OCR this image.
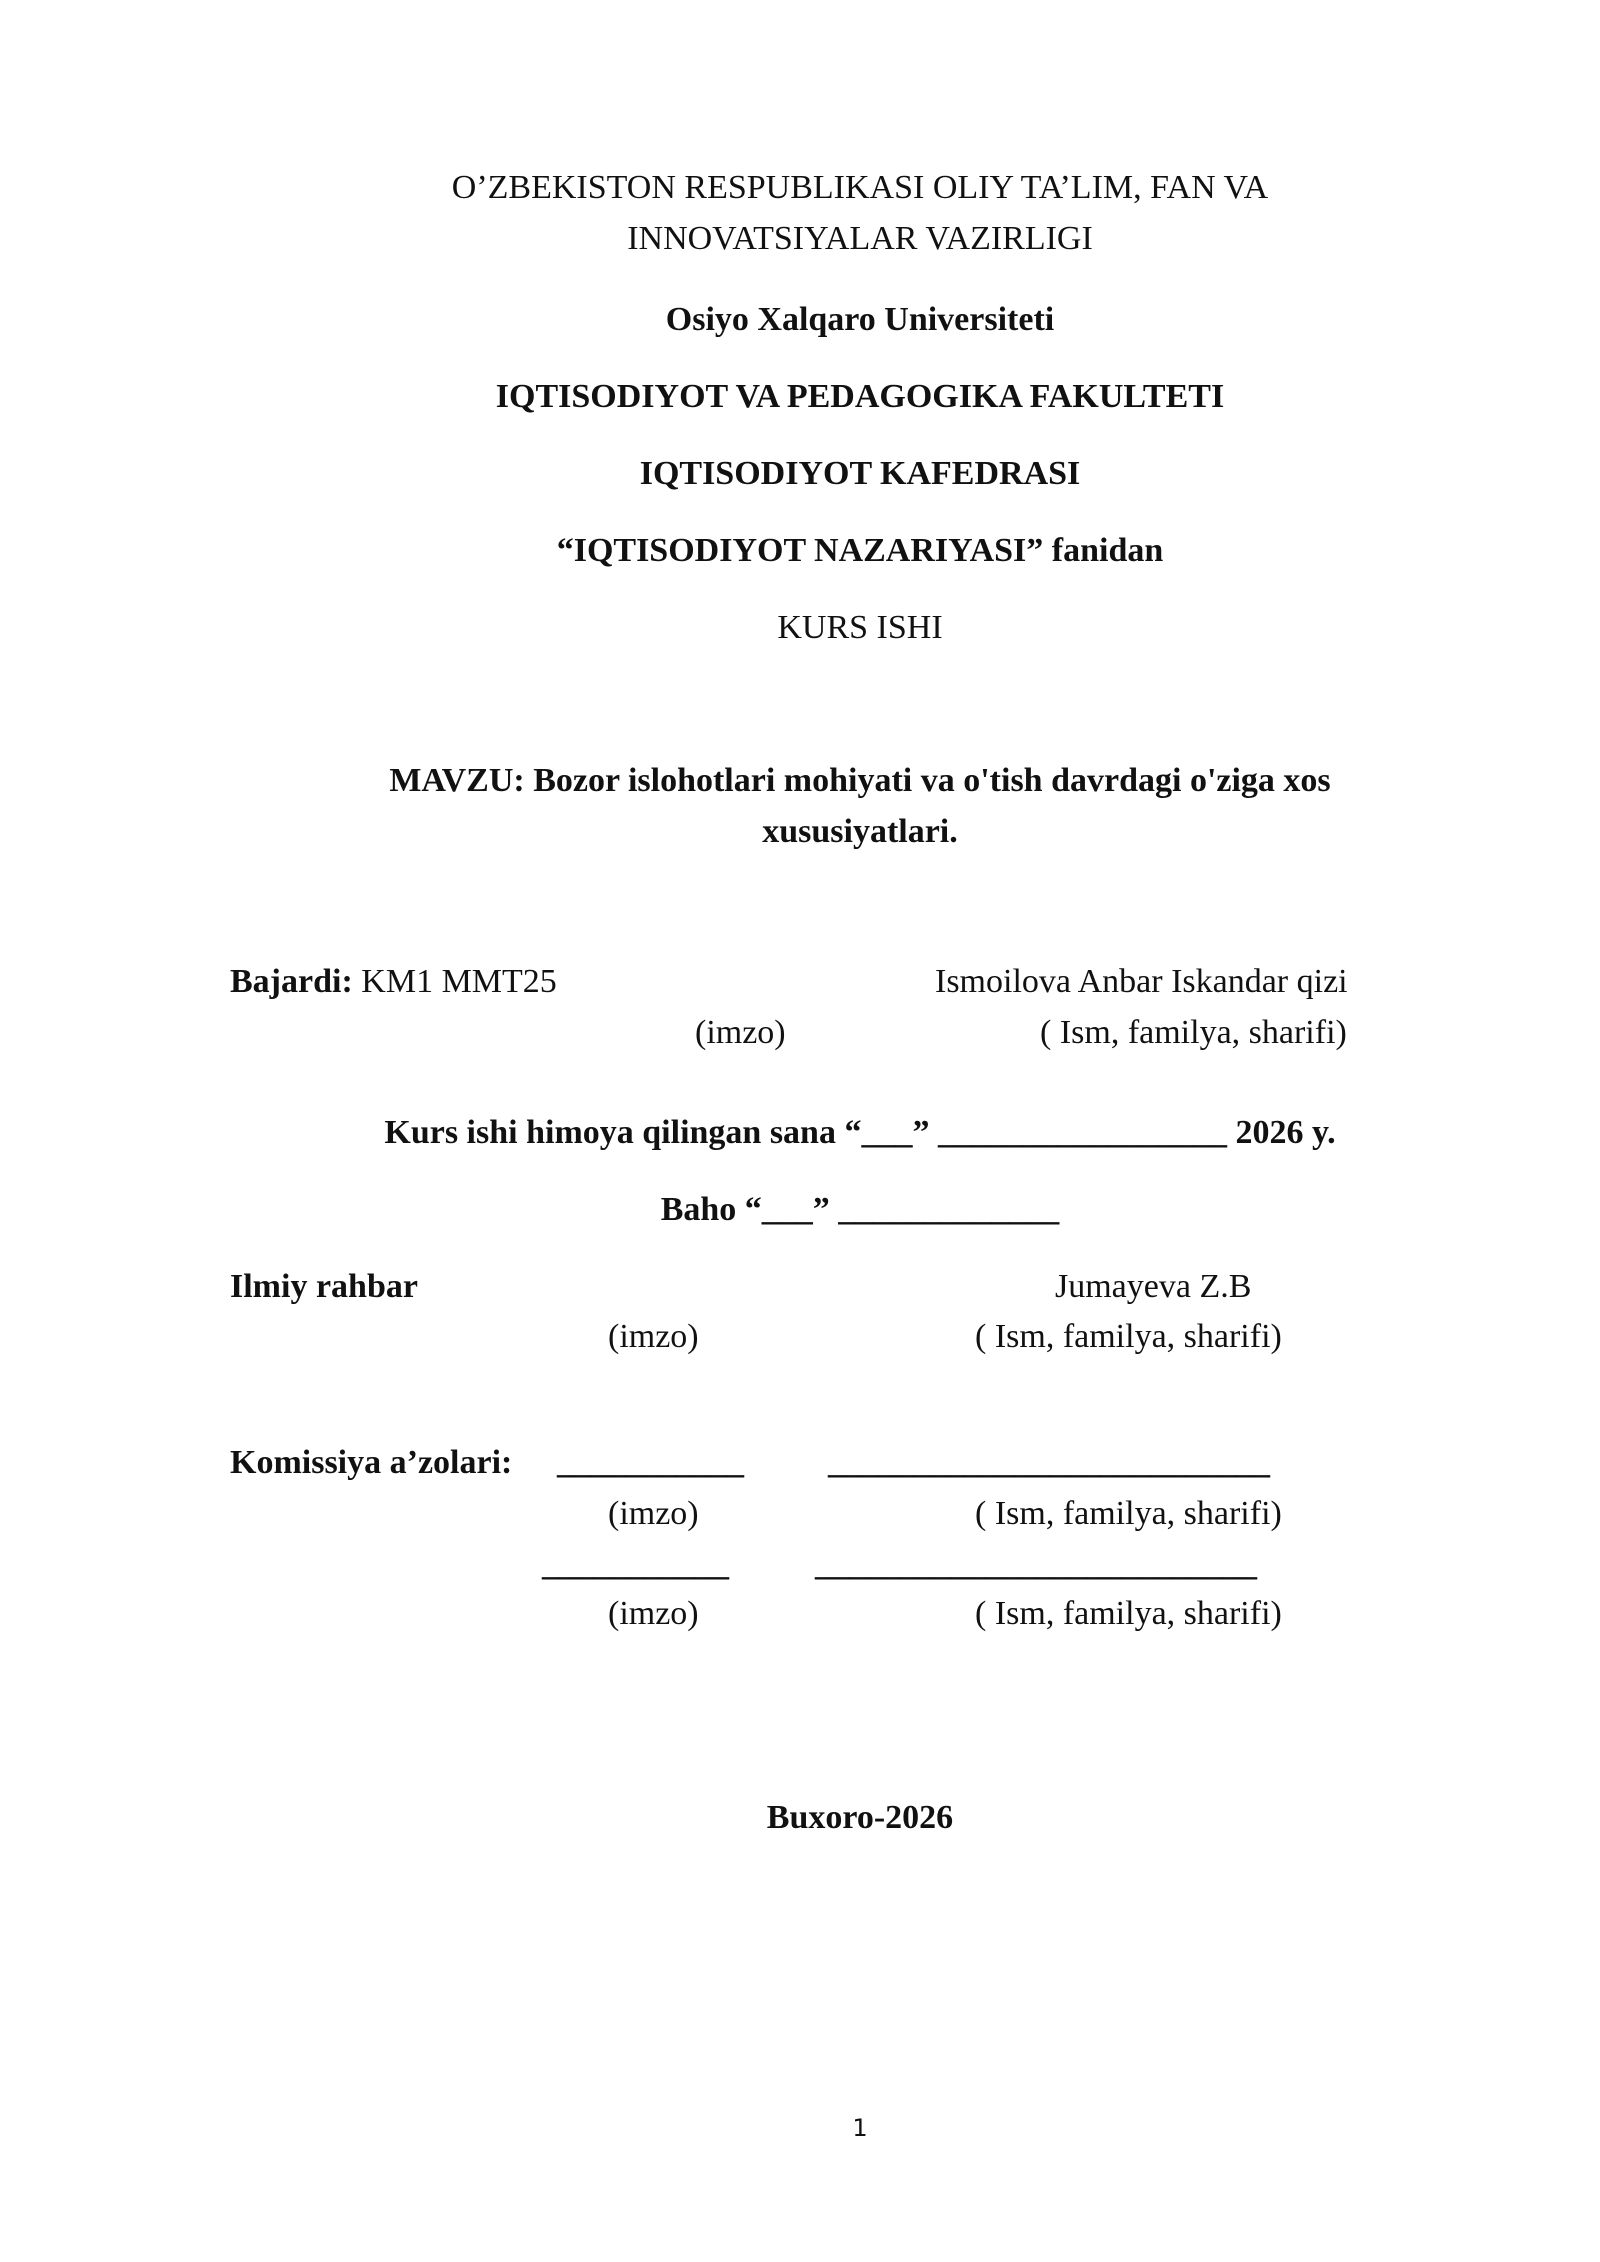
O’ZBEKISTON RESPUBLIKASI OLIY TA’LIM, FAN VA
INNOVATSIYALAR VAZIRLIGI
Osiyo Xalqaro Universiteti
IQTISODIYOT VA PEDAGOGIKA FAKULTETI
IQTISODIYOT KAFEDRASI
“IQTISODIYOT NAZARIYASI” fanidan
KURS ISHI
MAVZU: Bozor islohotlari mohiyati va o'tish davrdagi o'ziga xos
xususiyatlari.
Bajardi: KM1 MMT25	Ismoilova Anbar Iskandar qizi
(imzo)	( Ism, familya, sharifi)
Kurs ishi himoya qilingan sana “___” _________________ 2026 y.
Baho “___” _____________
Ilmiy rahbar	Jumayeva Z.B
(imzo)	( Ism, familya, sharifi)
Komissiya a’zolari: ___________ __________________________
(imzo)	( Ism, familya, sharifi)
___________	__________________________
(imzo)	( Ism, familya, sharifi)
Buxoro-2026
1
